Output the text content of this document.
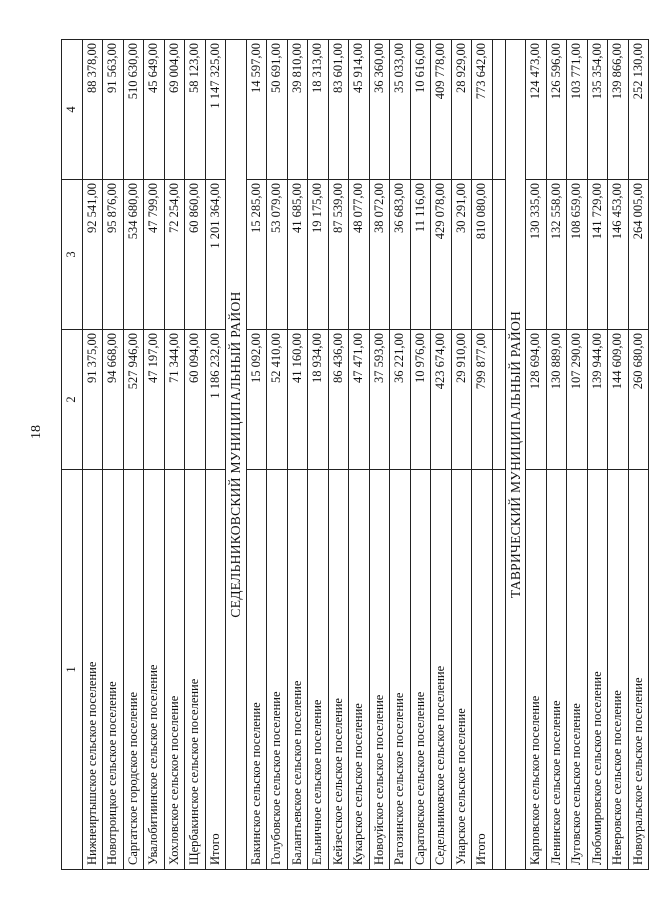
18
1	2	3	4
Нижнеиртышское сельское поселение	91 375,00	92 541,00	88 378,00
Новотроицкое сельское поселение	94 668,00	95 876,00	91 563,00
Саргатское городское поселение	527 946,00	534 680,00	510 630,00
Увалобитиинское сельское поселение	47 197,00	47 799,00	45 649,00
Хохловское сельское поселение	71 344,00	72 254,00	69 004,00
Щербакинское сельское поселение	60 094,00	60 860,00	58 123,00
Итого	1 186 232,00	1 201 364,00	1 147 325,00
СЕДЕЛЬНИКОВСКИЙ МУНИЦИПАЛЬНЫЙ РАЙОН			
Бакинское сельское поселение	15 092,00	15 285,00	14 597,00
Голубовское сельское поселение	52 410,00	53 079,00	50 691,00
Балантьевское сельское поселение	41 160,00	41 685,00	39 810,00
Ельничное сельское поселение	18 934,00	19 175,00	18 313,00
Кейзесское сельское поселение	86 436,00	87 539,00	83 601,00
Кукарское сельское поселение	47 471,00	48 077,00	45 914,00
Новоуйское сельское поселение	37 593,00	38 072,00	36 360,00
Рагозинское сельское поселение	36 221,00	36 683,00	35 033,00
Саратовское сельское поселение	10 976,00	11 116,00	10 616,00
Седельниковское сельское поселение	423 674,00	429 078,00	409 778,00
Унарское сельское поселение	29 910,00	30 291,00	28 929,00
Итого	799 877,00	810 080,00	773 642,00

ТАВРИЧЕСКИЙ МУНИЦИПАЛЬНЫЙ РАЙОН			
Карповское сельское поселение	128 694,00	130 335,00	124 473,00
Ленинское сельское поселение	130 889,00	132 558,00	126 596,00
Луговское сельское поселение	107 290,00	108 659,00	103 771,00
Любомировское сельское поселение	139 944,00	141 729,00	135 354,00
Неверовское сельское поселение	144 609,00	146 453,00	139 866,00
Новоуральское сельское поселение	260 680,00	264 005,00	252 130,00
